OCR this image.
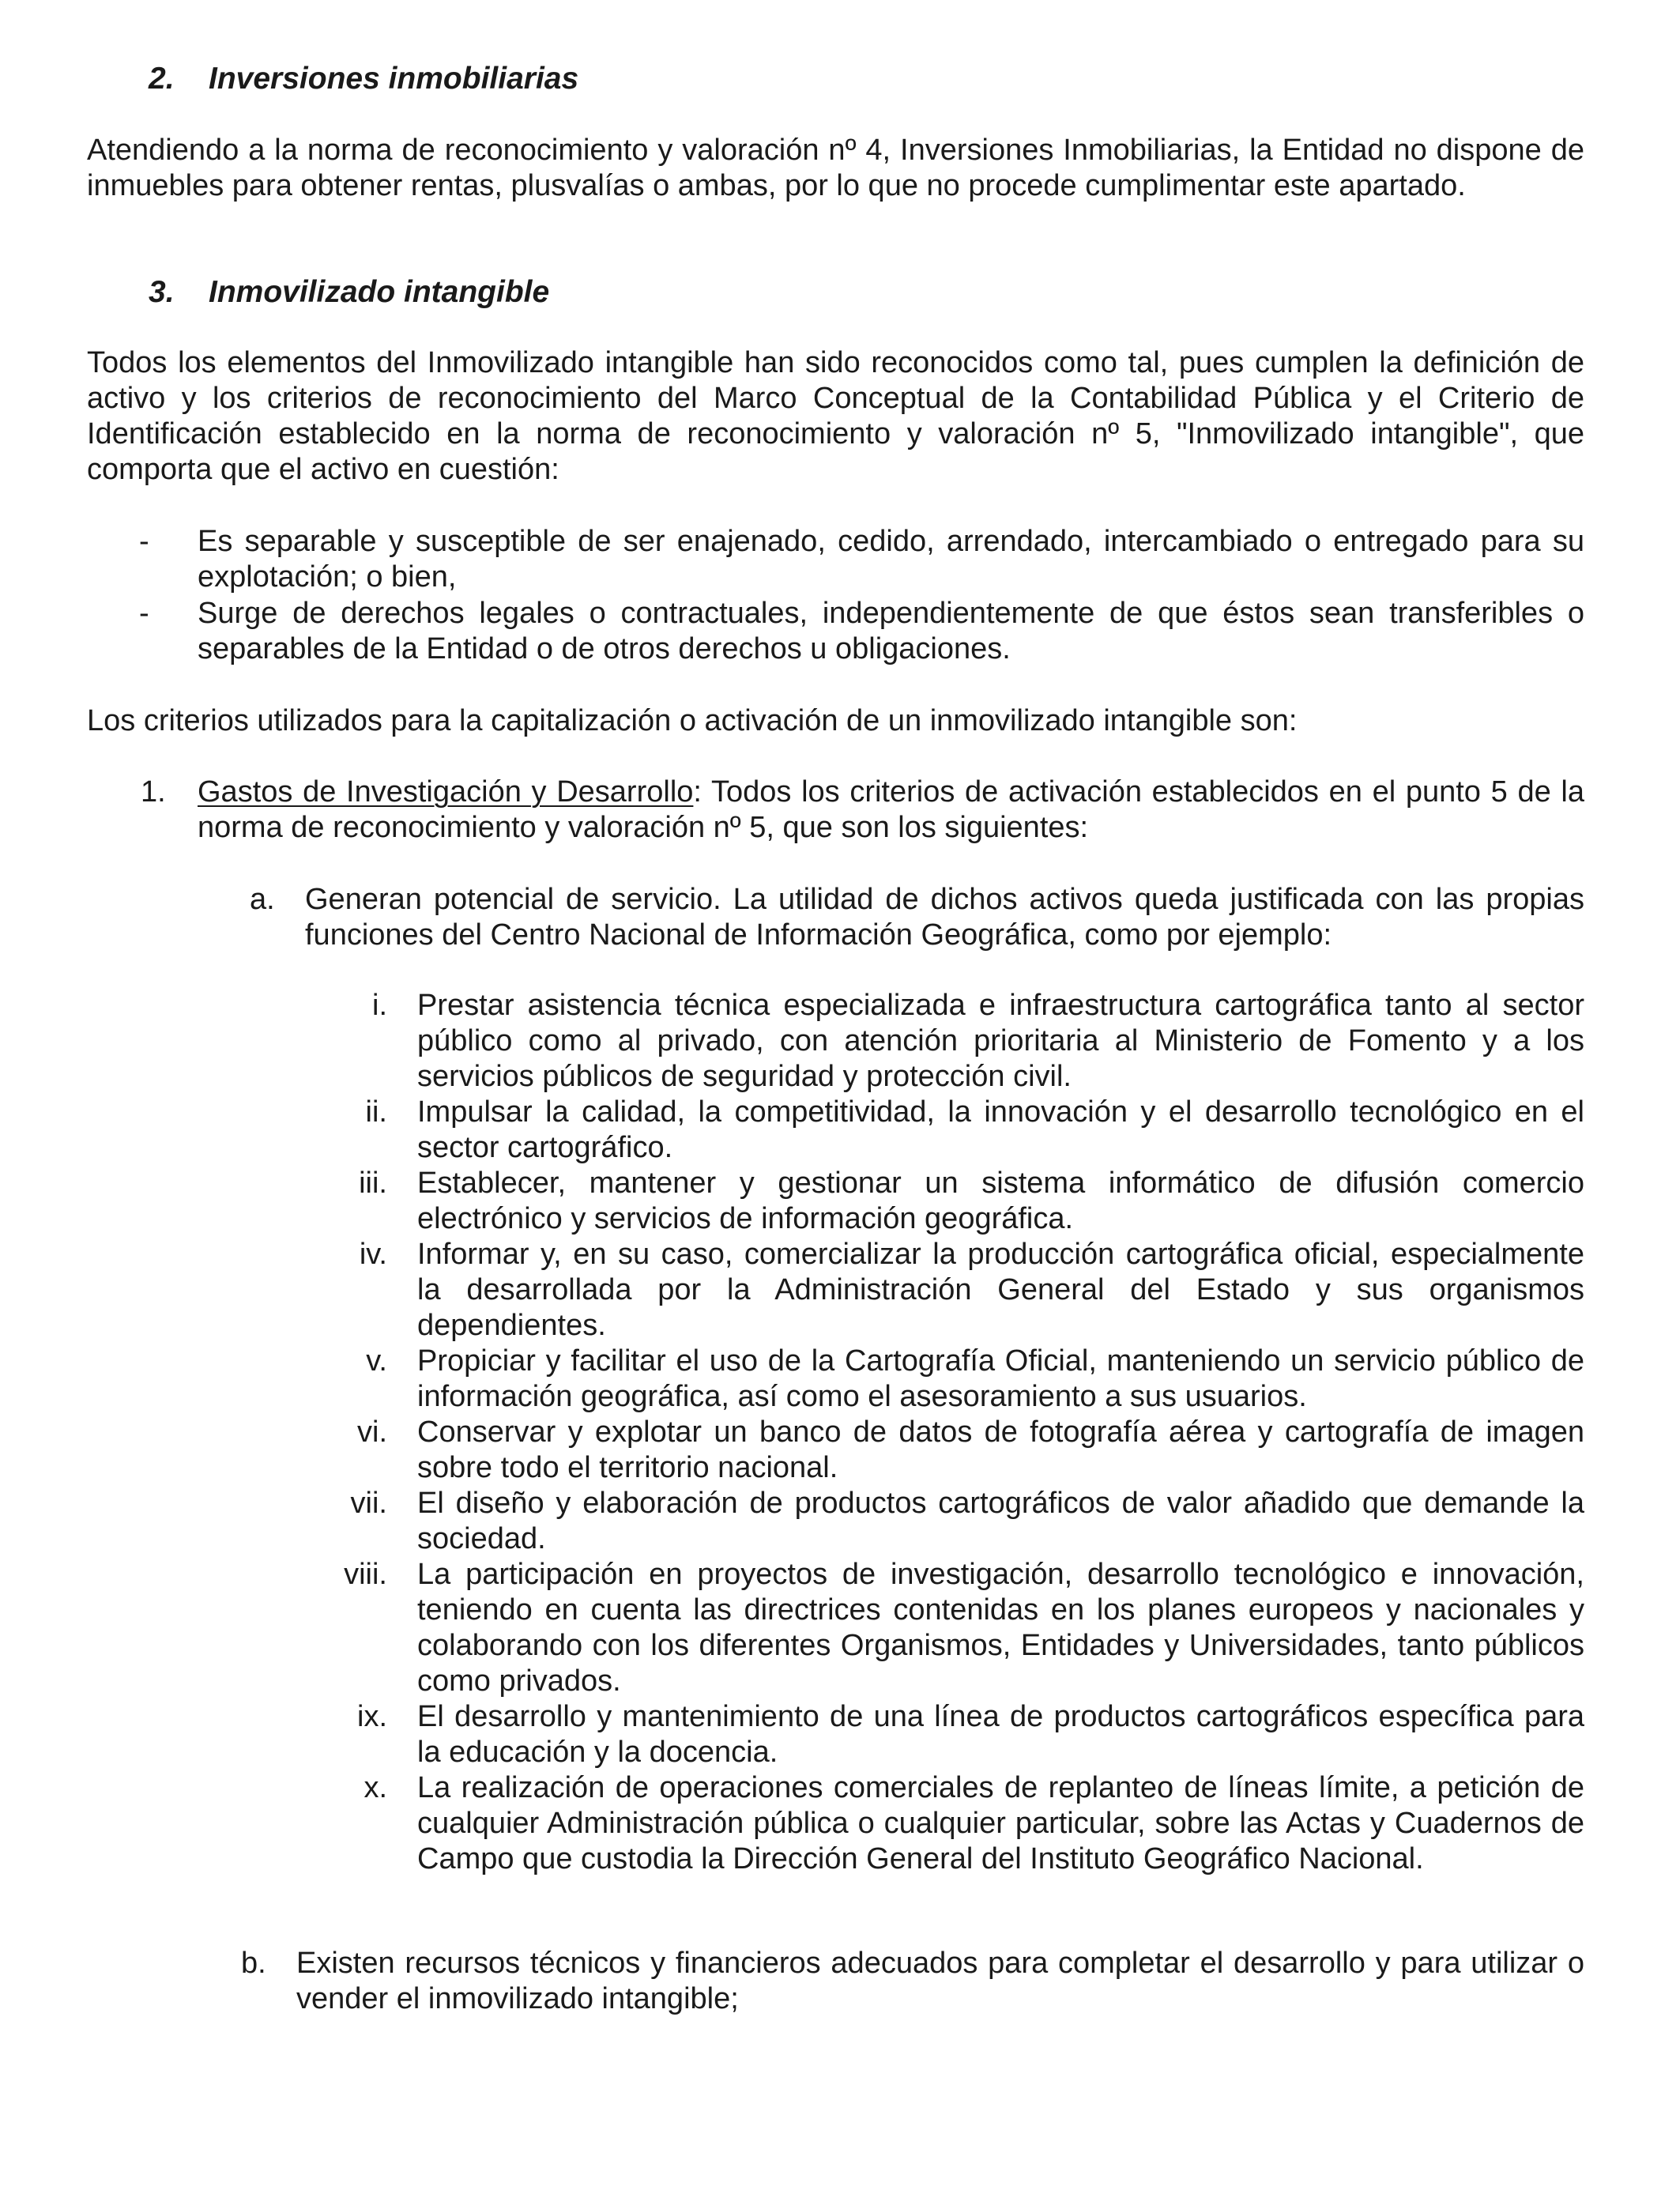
2. Inversiones inmobiliarias

Atendiendo a la norma de reconocimiento y valoración nº 4, Inversiones Inmobiliarias, la Entidad no dispone de inmuebles para obtener rentas, plusvalías o ambas, por lo que no procede cumplimentar este apartado.

3. Inmovilizado intangible

Todos los elementos del Inmovilizado intangible han sido reconocidos como tal, pues cumplen la definición de activo y los criterios de reconocimiento del Marco Conceptual de la Contabilidad Pública y el Criterio de Identificación establecido en la norma de reconocimiento y valoración nº 5, "Inmovilizado intangible", que comporta que el activo en cuestión:

- Es separable y susceptible de ser enajenado, cedido, arrendado, intercambiado o entregado para su explotación; o bien,
- Surge de derechos legales o contractuales, independientemente de que éstos sean transferibles o separables de la Entidad o de otros derechos u obligaciones.

Los criterios utilizados para la capitalización o activación de un inmovilizado intangible son:

1. Gastos de Investigación y Desarrollo: Todos los criterios de activación establecidos en el punto 5 de la norma de reconocimiento y valoración nº 5, que son los siguientes:
a. Generan potencial de servicio. La utilidad de dichos activos queda justificada con las propias funciones del Centro Nacional de Información Geográfica, como por ejemplo:
i. Prestar asistencia técnica especializada e infraestructura cartográfica tanto al sector público como al privado, con atención prioritaria al Ministerio de Fomento y a los servicios públicos de seguridad y protección civil.
ii. Impulsar la calidad, la competitividad, la innovación y el desarrollo tecnológico en el sector cartográfico.
iii. Establecer, mantener y gestionar un sistema informático de difusión comercio electrónico y servicios de información geográfica.
iv. Informar y, en su caso, comercializar la producción cartográfica oficial, especialmente la desarrollada por la Administración General del Estado y sus organismos dependientes.
v. Propiciar y facilitar el uso de la Cartografía Oficial, manteniendo un servicio público de información geográfica, así como el asesoramiento a sus usuarios.
vi. Conservar y explotar un banco de datos de fotografía aérea y cartografía de imagen sobre todo el territorio nacional.
vii. El diseño y elaboración de productos cartográficos de valor añadido que demande la sociedad.
viii. La participación en proyectos de investigación, desarrollo tecnológico e innovación, teniendo en cuenta las directrices contenidas en los planes europeos y nacionales y colaborando con los diferentes Organismos, Entidades y Universidades, tanto públicos como privados.
ix. El desarrollo y mantenimiento de una línea de productos cartográficos específica para la educación y la docencia.
x. La realización de operaciones comerciales de replanteo de líneas límite, a petición de cualquier Administración pública o cualquier particular, sobre las Actas y Cuadernos de Campo que custodia la Dirección General del Instituto Geográfico Nacional.
b. Existen recursos técnicos y financieros adecuados para completar el desarrollo y para utilizar o vender el inmovilizado intangible;
